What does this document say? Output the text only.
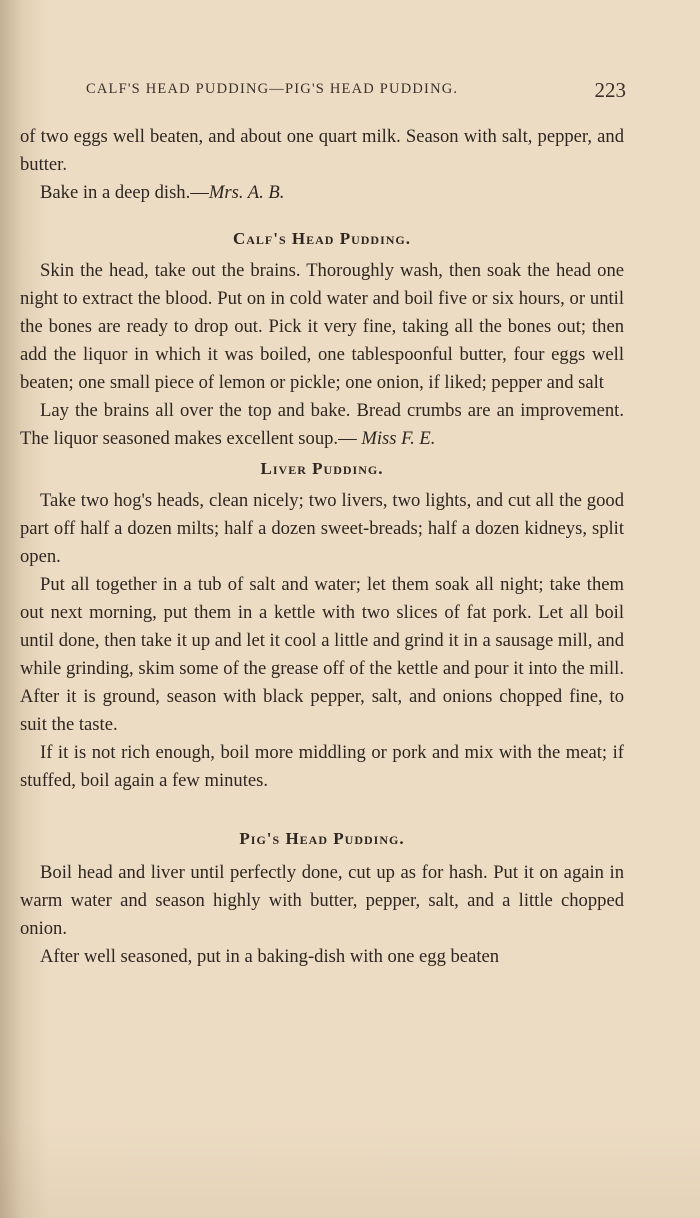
CALF'S HEAD PUDDING—PIG'S HEAD PUDDING.	223

of two eggs well beaten, and about one quart milk. Season with salt, pepper, and butter.

Bake in a deep dish.—Mrs. A. B.

Calf's Head Pudding.

Skin the head, take out the brains. Thoroughly wash, then soak the head one night to extract the blood. Put on in cold water and boil five or six hours, or until the bones are ready to drop out. Pick it very fine, taking all the bones out; then add the liquor in which it was boiled, one tablespoonful butter, four eggs well beaten; one small piece of lemon or pickle; one onion, if liked; pepper and salt

Lay the brains all over the top and bake. Bread crumbs are an improvement. The liquor seasoned makes excellent soup.— Miss F. E.

Liver Pudding.

Take two hog's heads, clean nicely; two livers, two lights, and cut all the good part off half a dozen milts; half a dozen sweet-breads; half a dozen kidneys, split open.

Put all together in a tub of salt and water; let them soak all night; take them out next morning, put them in a kettle with two slices of fat pork. Let all boil until done, then take it up and let it cool a little and grind it in a sausage mill, and while grinding, skim some of the grease off of the kettle and pour it into the mill. After it is ground, season with black pepper, salt, and onions chopped fine, to suit the taste.

If it is not rich enough, boil more middling or pork and mix with the meat; if stuffed, boil again a few minutes.

Pig's Head Pudding.

Boil head and liver until perfectly done, cut up as for hash. Put it on again in warm water and season highly with butter, pepper, salt, and a little chopped onion.

After well seasoned, put in a baking-dish with one egg beaten
